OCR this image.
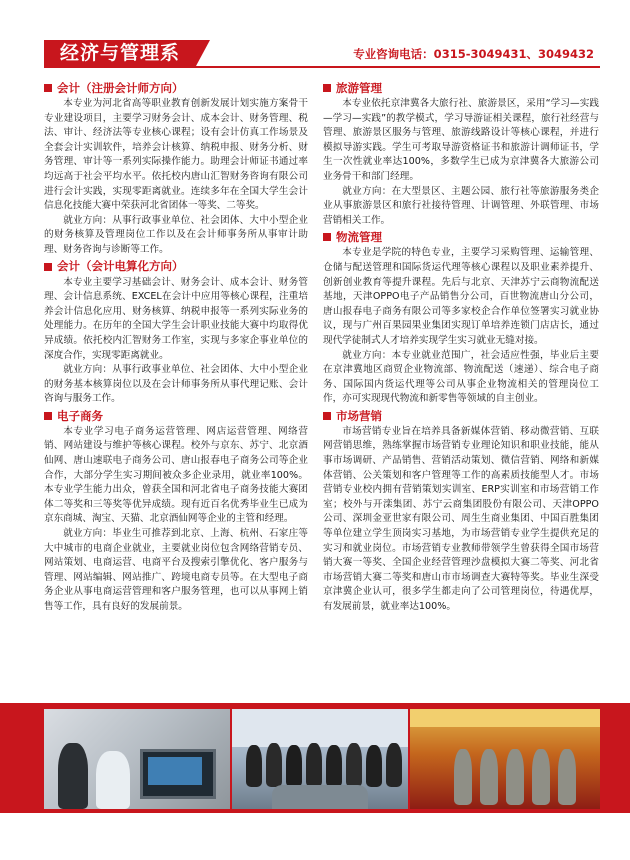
经济与管理系	专业咨询电话：0315-3049431、3049432
会计（注册会计师方向）

本专业为河北省高等职业教育创新发展计划实施方案骨干专业建设项目，主要学习财务会计、成本会计、财务管理、税法、审计、经济法等专业核心课程；设有会计仿真工作场景及全套会计实训软件，培养会计核算、纳税申报、财务分析、财务管理、审计等一系列实际操作能力。助理会计师证书通过率均远高于社会平均水平。依托校内唐山汇智财务咨询有限公司进行会计实践，实现零距离就业。连续多年在全国大学生会计信息化技能大赛中荣获河北省团体一等奖、二等奖。

就业方向：从事行政事业单位、社会团体、大中小型企业的财务核算及管理岗位工作以及在会计师事务所从事审计助理、财务咨询与诊断等工作。

会计（会计电算化方向）

本专业主要学习基础会计、财务会计、成本会计、财务管理、会计信息系统、EXCEL在会计中应用等核心课程，注重培养会计信息化应用、财务核算、纳税申报等一系列实际业务的处理能力。在历年的全国大学生会计职业技能大赛中均取得优异成绩。依托校内汇智财务工作室，实现与多家企事业单位的深度合作，实现零距离就业。

就业方向：从事行政事业单位、社会团体、大中小型企业的财务基本核算岗位以及在会计师事务所从事代理记账、会计咨询与服务工作。

电子商务

本专业学习电子商务运营管理、网店运营管理、网络营销、网站建设与维护等核心课程。校外与京东、苏宁、北京酒仙网、唐山速联电子商务公司、唐山报春电子商务公司等企业合作，大部分学生实习期间被众多企业录用，就业率100%。本专业学生能力出众，曾获全国和河北省电子商务技能大赛团体二等奖和三等奖等优异成绩。现有近百名优秀毕业生已成为京东商城、淘宝、天猫、北京酒仙网等企业的主管和经理。

就业方向：毕业生可推荐到北京、上海、杭州、石家庄等大中城市的电商企业就业，主要就业岗位包含网络营销专员、网站策划、电商运营、电商平台及搜索引擎优化、客户服务与管理、网站编辑、网站推广、跨境电商专员等。在大型电子商务企业从事电商运营管理和客户服务管理，也可以从事网上销售等工作，具有良好的发展前景。

旅游管理

本专业依托京津冀各大旅行社、旅游景区，采用“学习—实践—学习—实践”的教学模式，学习导游证相关课程，旅行社经营与管理、旅游景区服务与管理、旅游线路设计等核心课程，并进行模拟导游实践。学生可考取导游资格证书和旅游计调师证书，学生一次性就业率达100%，多数学生已成为京津冀各大旅游公司业务骨干和部门经理。

就业方向：在大型景区、主题公园、旅行社等旅游服务类企业从事旅游景区和旅行社接待管理、计调管理、外联管理、市场营销相关工作。

物流管理

本专业是学院的特色专业，主要学习采购管理、运输管理、仓储与配送管理和国际货运代理等核心课程以及职业素养提升、创新创业教育等提升课程。先后与北京、天津苏宁云商物流配送基地，天津OPPO电子产品销售分公司，百世物流唐山分公司，唐山报春电子商务有限公司等多家校企合作单位签署实习就业协议，现与广州百果园果业集团实现订单培养连锁门店店长，通过现代学徒制式人才培养实现学生实习就业无缝对接。

就业方向：本专业就业范围广，社会适应性强，毕业后主要在京津冀地区商贸企业物流部、物流配送（速递）、综合电子商务、国际国内货运代理等公司从事企业物流相关的管理岗位工作，亦可实现现代物流和新零售等领域的自主创业。

市场营销

市场营销专业旨在培养具备新媒体营销、移动微营销、互联网营销思维，熟练掌握市场营销专业理论知识和职业技能，能从事市场调研、产品销售、营销活动策划、微信营销、网络和新媒体营销、公关策划和客户管理等工作的高素质技能型人才。市场营销专业校内拥有营销策划实训室、ERP实训室和市场营销工作室；校外与开滦集团、苏宁云商集团股份有限公司、天津OPPO公司、深圳金亚世家有限公司、周生生商业集团、中国百胜集团等单位建立学生顶岗实习基地，为市场营销专业学生提供充足的实习和就业岗位。市场营销专业教师带领学生曾获得全国市场营销大赛一等奖、全国企业经营管理沙盘模拟大赛二等奖、河北省市场营销大赛二等奖和唐山市市场调查大赛特等奖。毕业生深受京津冀企业认可，很多学生都走向了公司管理岗位，待遇优厚，有发展前景，就业率达100%。
